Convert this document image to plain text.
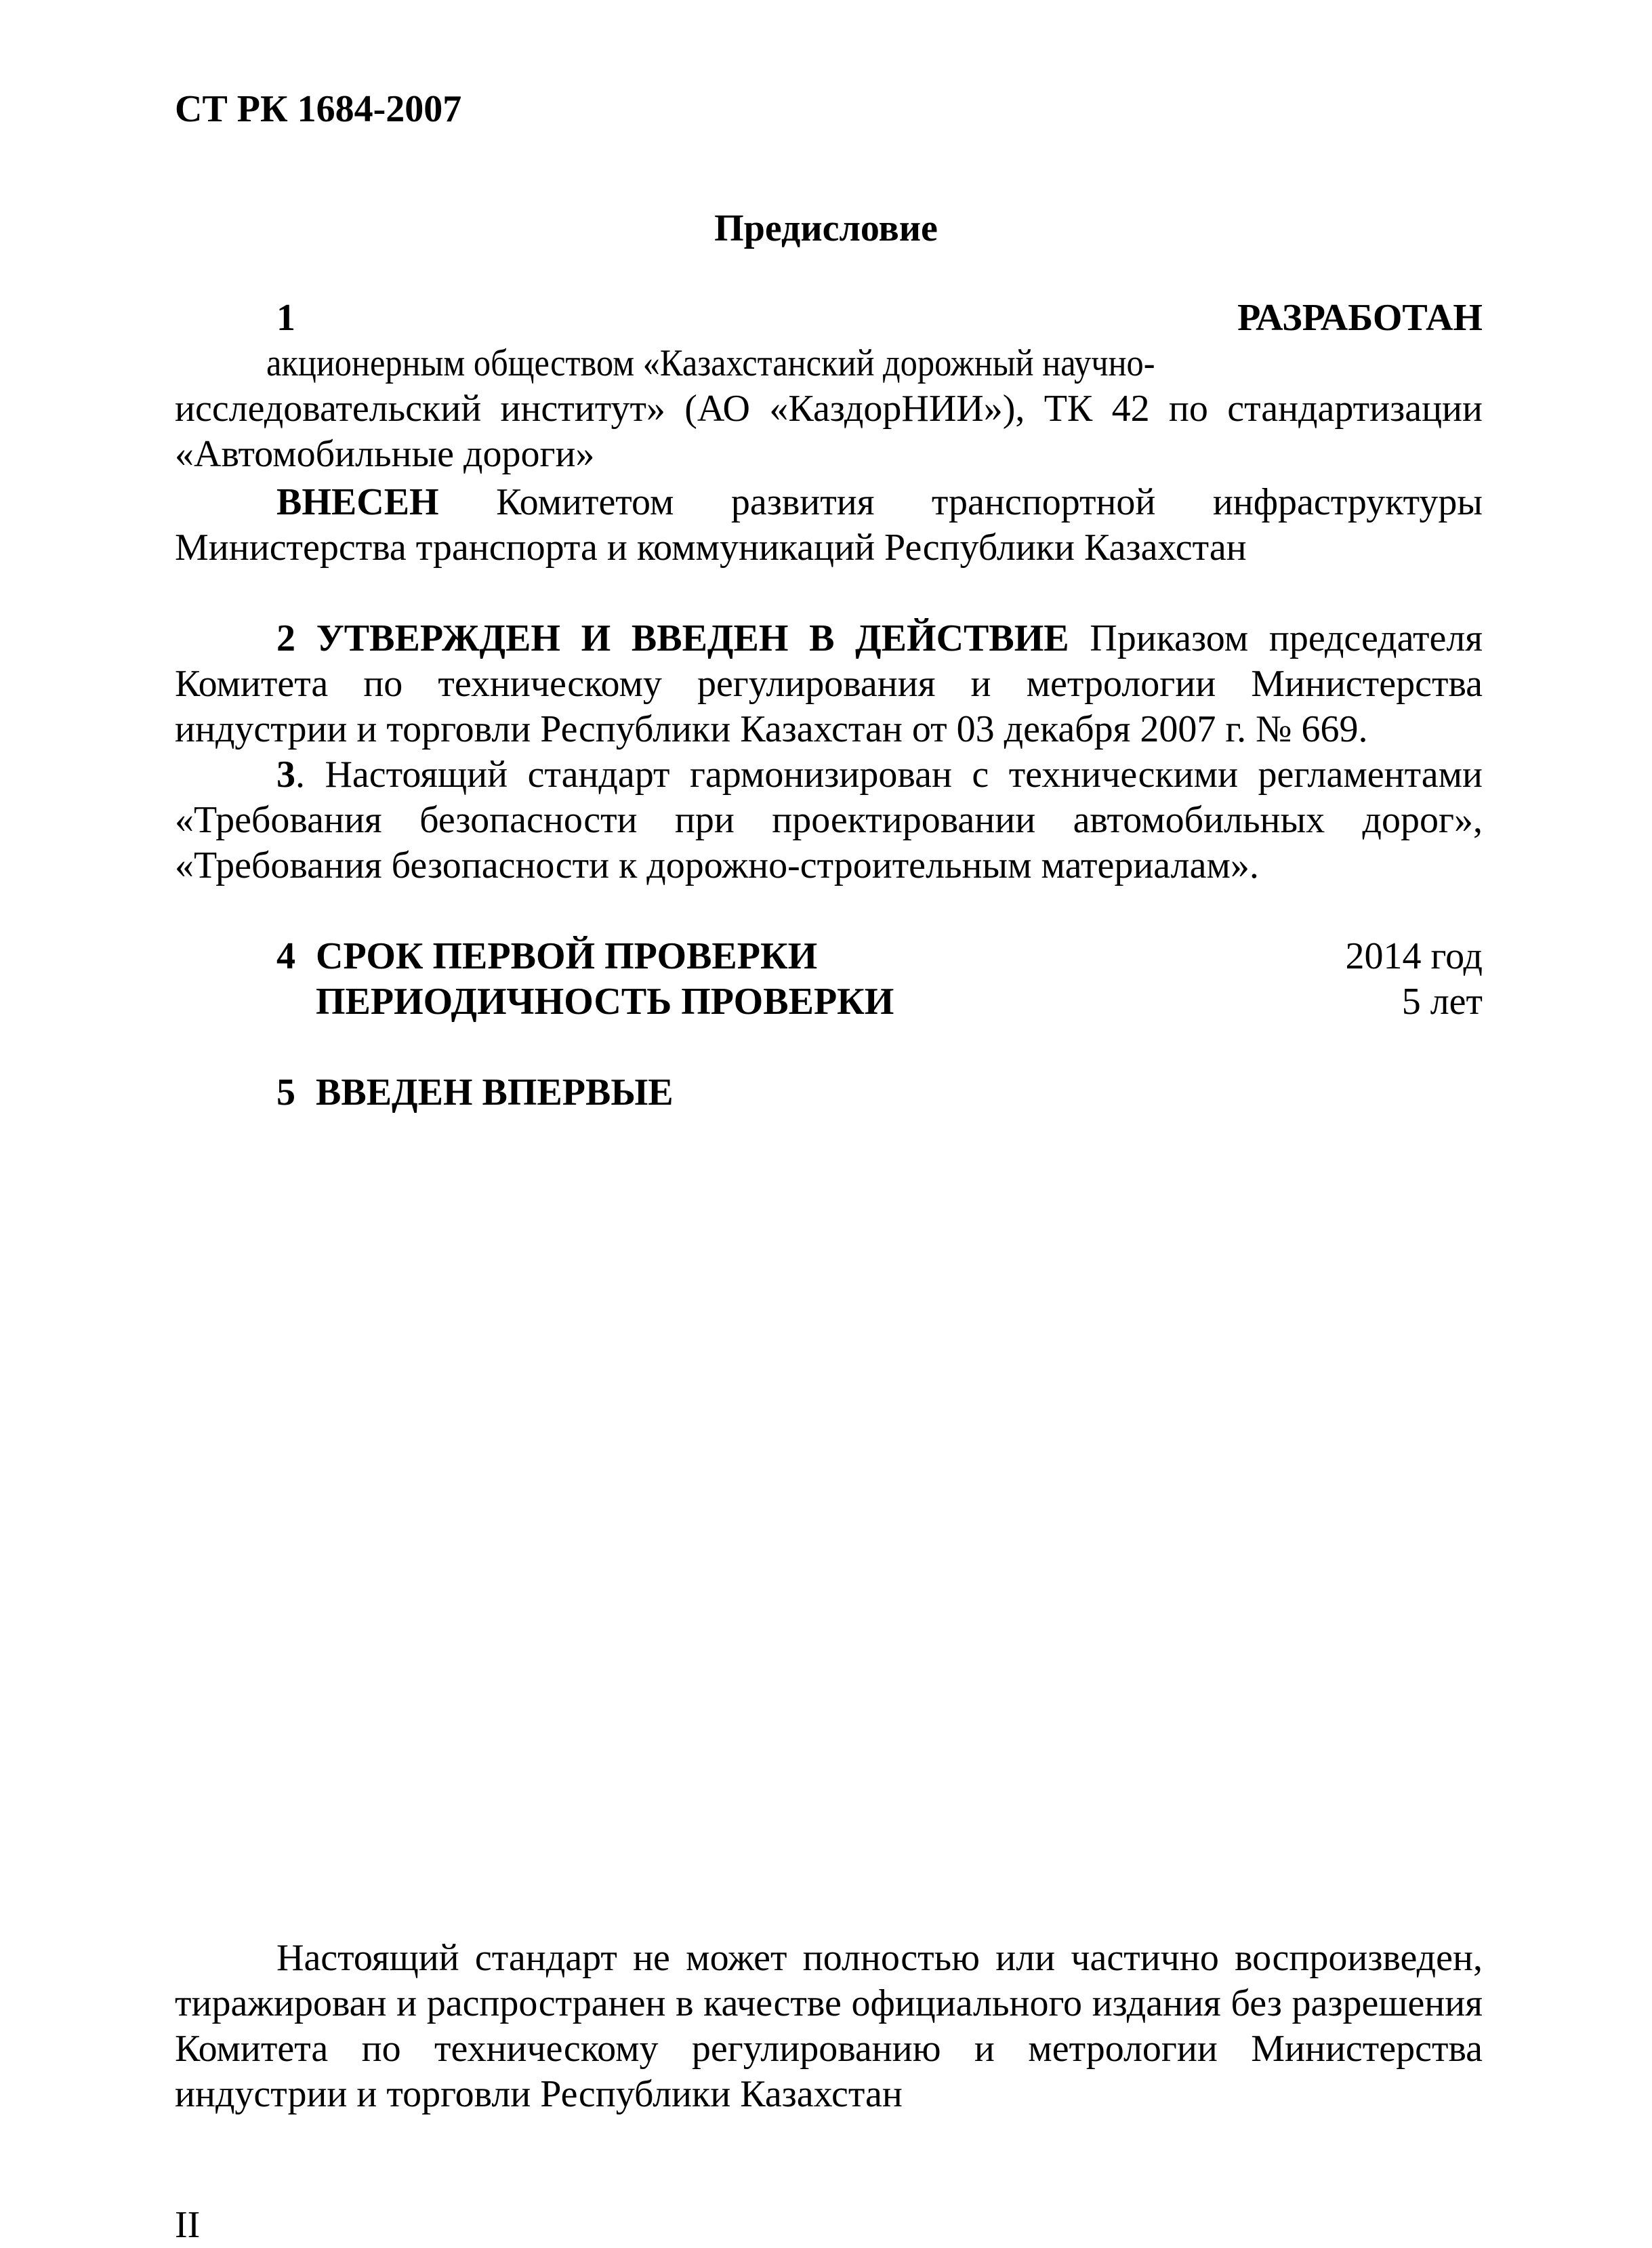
СТ РК 1684-2007
Предисловие
1 РАЗРАБОТАН акционерным обществом «Казахстанский дорожный научно- исследовательский институт» (АО «КаздорНИИ»), ТК 42 по стандартизации «Автомобильные дороги»
ВНЕСЕН Комитетом развития транспортной инфраструктуры Министерства транспорта и коммуникаций Республики Казахстан
2 УТВЕРЖДЕН И ВВЕДЕН В ДЕЙСТВИЕ Приказом председателя Комитета по техническому регулирования и метрологии Министерства индустрии и торговли Республики Казахстан от 03 декабря 2007 г. № 669.
3. Настоящий стандарт гармонизирован с техническими регламентами «Требования безопасности при проектировании автомобильных дорог», «Требования безопасности к дорожно-строительным материалам».
4 СРОК ПЕРВОЙ ПРОВЕРКИ	2014 год
ПЕРИОДИЧНОСТЬ ПРОВЕРКИ	5 лет
5 ВВЕДЕН ВПЕРВЫЕ
Настоящий стандарт не может полностью или частично воспроизведен, тиражирован и распространен в качестве официального издания без разрешения Комитета по техническому регулированию и метрологии Министерства индустрии и торговли Республики Казахстан
II
